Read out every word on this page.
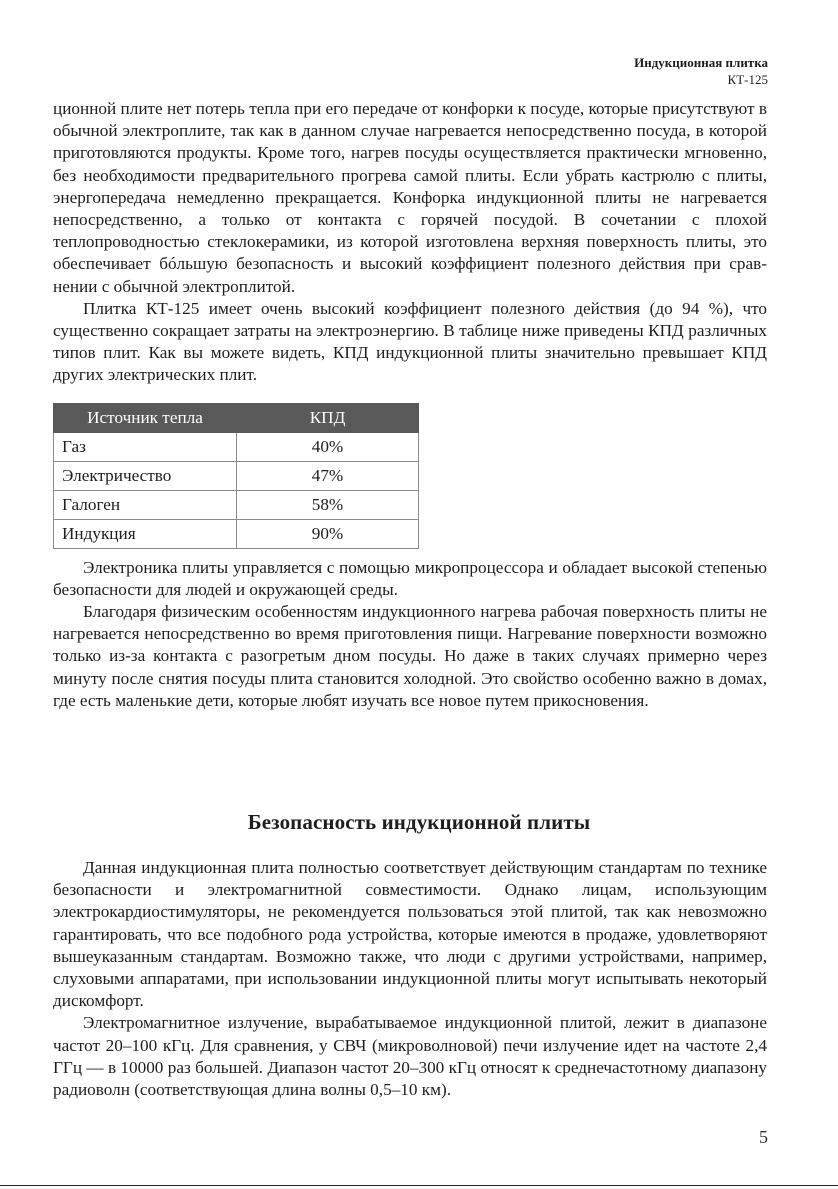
Индукционная плитка
КТ-125

ционной плите нет потерь тепла при его передаче от конфорки к посуде, которые присутствуют в обычной электроплите, так как в данном случае нагревается непосредственно посуда, в которой приготовляются продукты. Кроме того, нагрев посуды осуществляется практически мгновенно, без необходимости предварительного прогрева самой плиты. Если убрать кастрюлю с плиты, энергопередача немедленно прекращается. Конфорка индукционной плиты не нагревается непосредственно, а только от контакта с горячей посудой. В сочетании с плохой теплопроводностью стеклокерамики, из которой изготовлена верхняя поверхность плиты, это обеспечивает бóльшую безопасность и высокий коэффициент полезного действия при сравнении с обычной электроплитой.

Плитка КТ-125 имеет очень высокий коэффициент полезного действия (до 94 %), что существенно сокращает затраты на электроэнергию. В таблице ниже приведены КПД различных типов плит. Как вы можете видеть, КПД индукционной плиты значительно превышает КПД других электрических плит.

Источник тепла	КПД
Газ	40%
Электричество	47%
Галоген	58%
Индукция	90%

Электроника плиты управляется с помощью микропроцессора и обладает высокой степенью безопасности для людей и окружающей среды.

Благодаря физическим особенностям индукционного нагрева рабочая поверхность плиты не нагревается непосредственно во время приготовления пищи. Нагревание поверхности возможно только из-за контакта с разогретым дном посуды. Но даже в таких случаях примерно через минуту после снятия посуды плита становится холодной. Это свойство особенно важно в домах, где есть маленькие дети, которые любят изучать все новое путем прикосновения.

Безопасность индукционной плиты

Данная индукционная плита полностью соответствует действующим стандартам по технике безопасности и электромагнитной совместимости. Однако лицам, использующим электрокардиостимуляторы, не рекомендуется пользоваться этой плитой, так как невозможно гарантировать, что все подобного рода устройства, которые имеются в продаже, удовлетворяют вышеуказанным стандартам. Возможно также, что люди с другими устройствами, например, слуховыми аппаратами, при использовании индукционной плиты могут испытывать некоторый дискомфорт.

Электромагнитное излучение, вырабатываемое индукционной плитой, лежит в диапазоне частот 20–100 кГц. Для сравнения, у СВЧ (микроволновой) печи излучение идет на частоте 2,4 ГГц — в 10000 раз большей. Диапазон частот 20–300 кГц относят к среднечастотному диапазону радиоволн (соответствующая длина волны 0,5–10 км).

5
